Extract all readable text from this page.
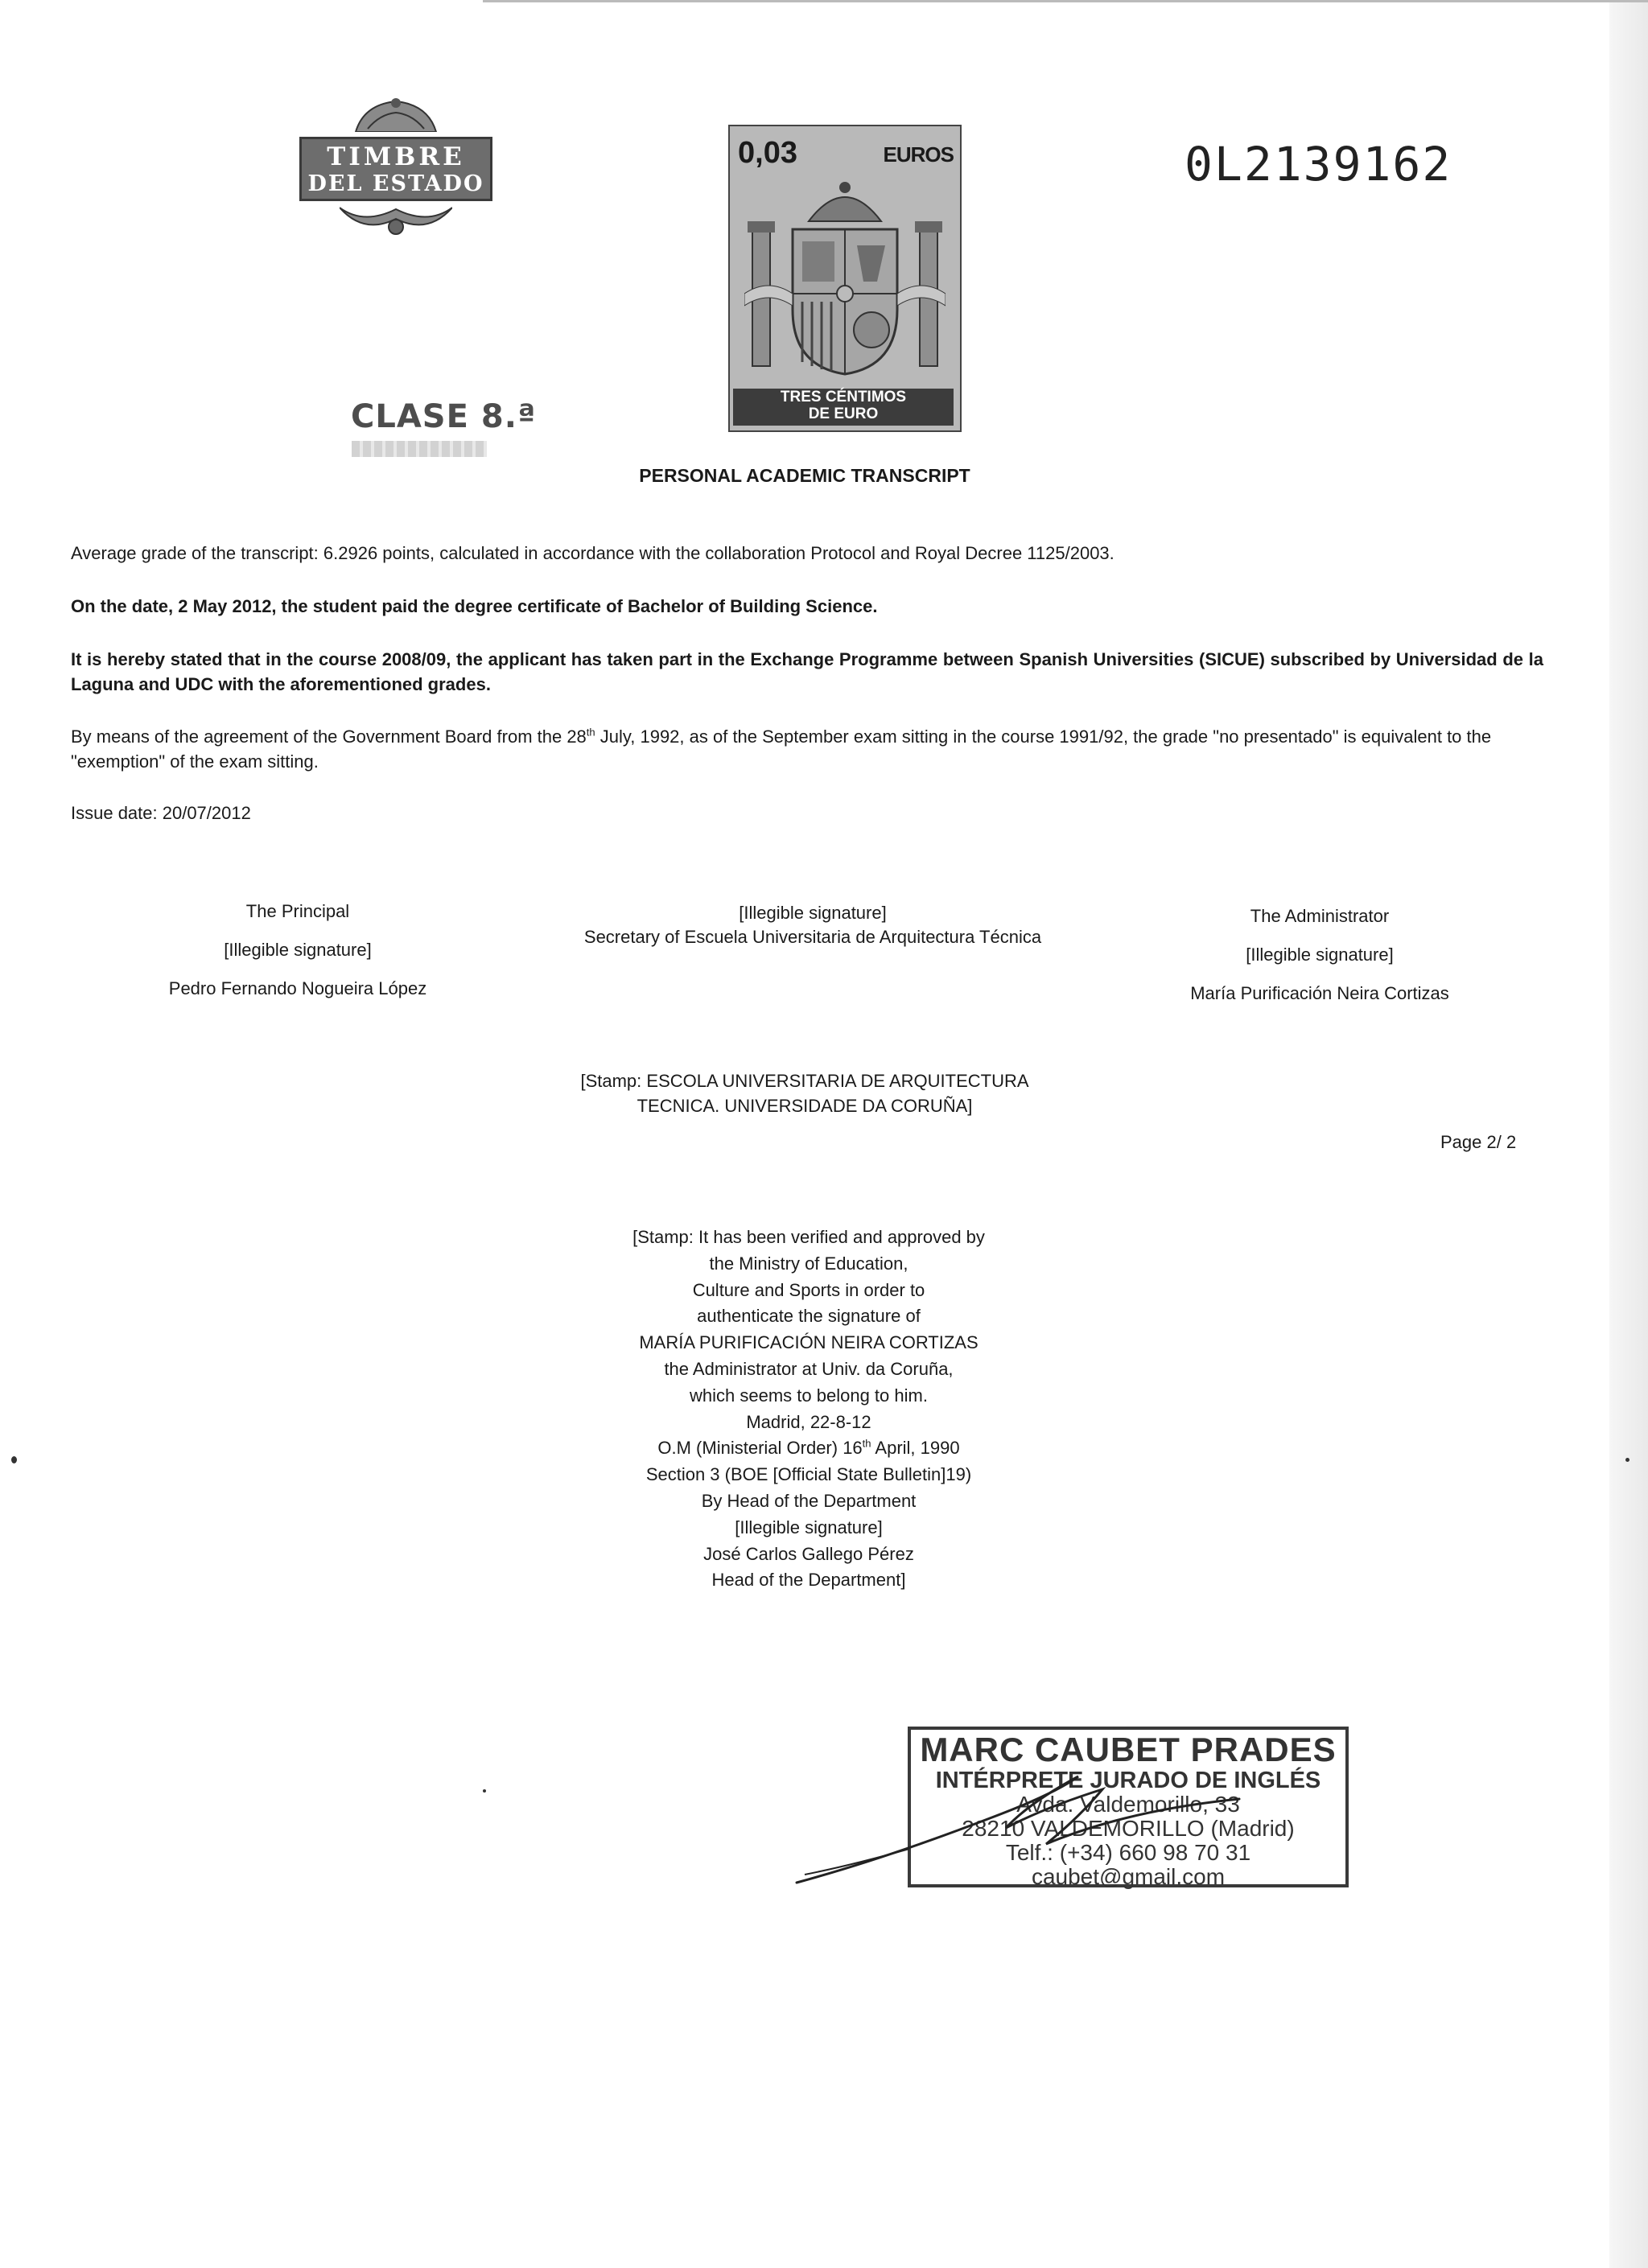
TIMBRE
DEL ESTADO
0,03	EUROS
TRES CÉNTIMOS
DE EURO
0L2139162
CLASE 8.ª
PERSONAL ACADEMIC TRANSCRIPT
Average grade of the transcript: 6.2926 points, calculated in accordance with the collaboration Protocol and Royal Decree 1125/2003.
On the date, 2 May 2012, the student paid the degree certificate of Bachelor of Building Science.
It is hereby stated that in the course 2008/09, the applicant has taken part in the Exchange Programme between Spanish Universities (SICUE) subscribed by Universidad de la Laguna and UDC with the aforementioned grades.
By means of the agreement of the Government Board from the 28th July, 1992, as of the September exam sitting in the course 1991/92, the grade "no presentado" is equivalent to the "exemption" of the exam sitting.
Issue date: 20/07/2012
The Principal
[Illegible signature]
Pedro Fernando Nogueira López
[Illegible signature]
Secretary of Escuela Universitaria de Arquitectura Técnica
The Administrator
[Illegible signature]
María Purificación Neira Cortizas
[Stamp: ESCOLA UNIVERSITARIA DE ARQUITECTURA
TECNICA. UNIVERSIDADE DA CORUÑA]
Page 2/ 2
[Stamp: It has been verified and approved by
the Ministry of Education,
Culture and Sports in order to
authenticate the signature of
MARÍA PURIFICACIÓN NEIRA CORTIZAS
the Administrator at Univ. da Coruña,
which seems to belong to him.
Madrid, 22-8-12
O.M (Ministerial Order) 16th April, 1990
Section 3 (BOE [Official State Bulletin]19)
By Head of the Department
[Illegible signature]
José Carlos Gallego Pérez
Head of the Department]
MARC CAUBET PRADES
INTÉRPRETE JURADO DE INGLÉS
Avda. Valdemorillo, 33
28210 VALDEMORILLO (Madrid)
Telf.: (+34) 660 98 70 31
caubet@gmail.com
